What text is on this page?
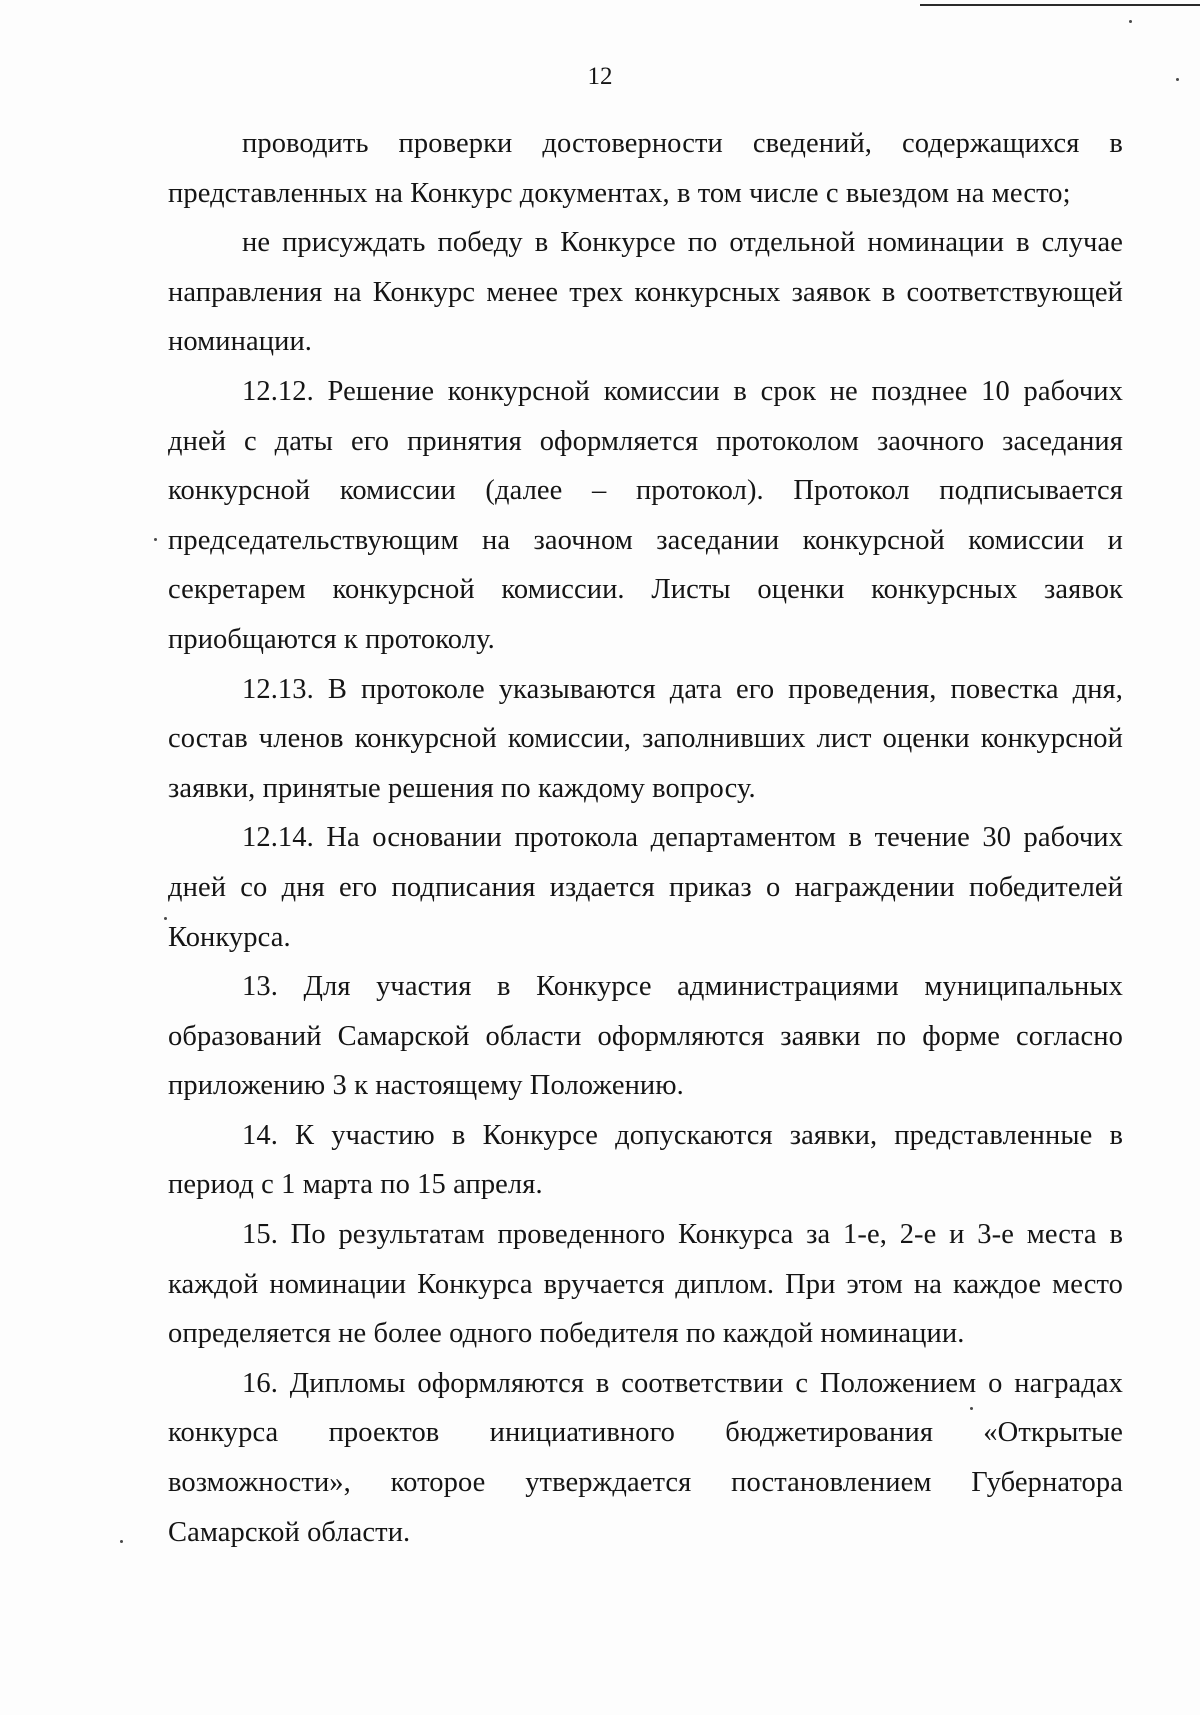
12

проводить проверки достоверности сведений, содержащихся в представленных на Конкурс документах, в том числе с выездом на место;

не присуждать победу в Конкурсе по отдельной номинации в случае направления на Конкурс менее трех конкурсных заявок в соответствующей номинации.

12.12. Решение конкурсной комиссии в срок не позднее 10 рабочих дней с даты его принятия оформляется протоколом заочного заседания конкурсной комиссии (далее – протокол). Протокол подписывается председательствующим на заочном заседании конкурсной комиссии и секретарем конкурсной комиссии. Листы оценки конкурсных заявок приобщаются к протоколу.

12.13. В протоколе указываются дата его проведения, повестка дня, состав членов конкурсной комиссии, заполнивших лист оценки конкурсной заявки, принятые решения по каждому вопросу.

12.14. На основании протокола департаментом в течение 30 рабочих дней со дня его подписания издается приказ о награждении победителей Конкурса.

13. Для участия в Конкурсе администрациями муниципальных образований Самарской области оформляются заявки по форме согласно приложению 3 к настоящему Положению.

14. К участию в Конкурсе допускаются заявки, представленные в период с 1 марта по 15 апреля.

15. По результатам проведенного Конкурса за 1-е, 2-е и 3-е места в каждой номинации Конкурса вручается диплом. При этом на каждое место определяется не более одного победителя по каждой номинации.

16. Дипломы оформляются в соответствии с Положением о наградах конкурса проектов инициативного бюджетирования «Открытые возможности», которое утверждается постановлением Губернатора Самарской области.
